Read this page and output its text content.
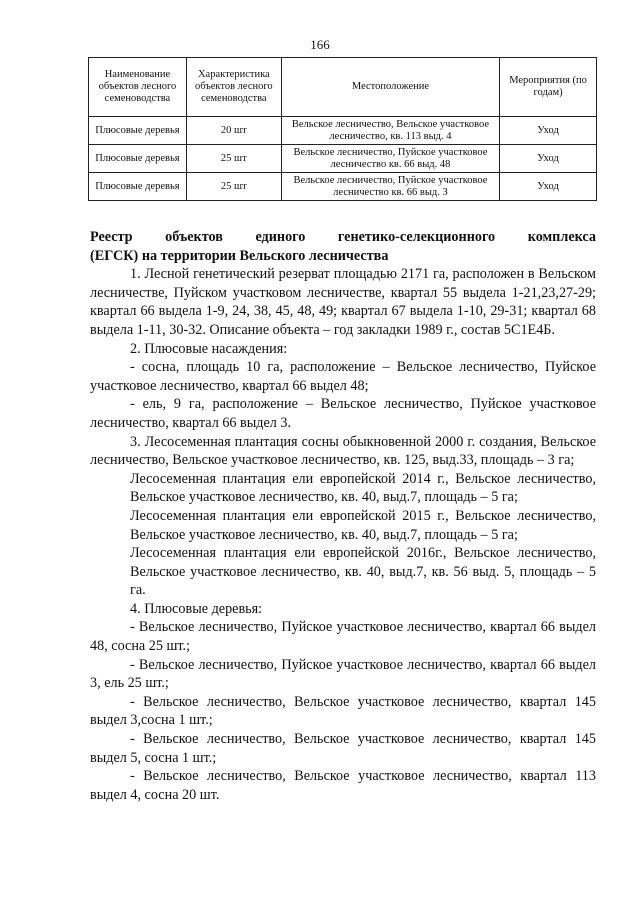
166
Наименование объектов лесного семеноводства	Характеристика объектов лесного семеноводства	Местоположение	Мероприятия (по годам)
Плюсовые деревья	20 шт	Вельское лесничество, Вельское участковое лесничество, кв. 113 выд. 4	Уход
Плюсовые деревья	25 шт	Вельское лесничество, Пуйское участковое лесничество кв. 66 выд. 48	Уход
Плюсовые деревья	25 шт	Вельское лесничество, Пуйское участковое лесничество кв. 66 выд. 3	Уход

Реестр объектов единого генетико-селекционного комплекса

(ЕГСК) на территории Вельского лесничества

1. Лесной генетический резерват площадью 2171 га, расположен в Вельском лесничестве, Пуйском участковом лесничестве, квартал 55 выдела 1-21,23,27-29; квартал 66 выдела 1-9, 24, 38, 45, 48, 49; квартал 67 выдела 1-10, 29-31; квартал 68 выдела 1-11, 30-32. Описание объекта – год закладки 1989 г., состав 5С1Е4Б.

2. Плюсовые насаждения:

- сосна, площадь 10 га, расположение – Вельское лесничество, Пуйское участковое лесничество, квартал 66 выдел 48;

- ель, 9 га, расположение – Вельское лесничество, Пуйское участковое лесничество, квартал 66 выдел 3.

3. Лесосеменная плантация сосны обыкновенной 2000 г. создания, Вельское лесничество, Вельское участковое лесничество, кв. 125, выд.33, площадь – 3 га;

Лесосеменная плантация ели европейской 2014 г., Вельское лесничество, Вельское участковое лесничество, кв. 40, выд.7, площадь – 5 га;

Лесосеменная плантация ели европейской 2015 г., Вельское лесничество, Вельское участковое лесничество, кв. 40, выд.7, площадь – 5 га;

Лесосеменная плантация ели европейской 2016г., Вельское лесничество, Вельское участковое лесничество, кв. 40, выд.7, кв. 56 выд. 5, площадь – 5 га.

4. Плюсовые деревья:

- Вельское лесничество, Пуйское участковое лесничество, квартал 66 выдел 48, сосна 25 шт.;

- Вельское лесничество, Пуйское участковое лесничество, квартал 66 выдел 3, ель 25 шт.;

- Вельское лесничество, Вельское участковое лесничество, квартал 145 выдел 3,сосна 1 шт.;

- Вельское лесничество, Вельское участковое лесничество, квартал 145 выдел 5, сосна 1 шт.;

- Вельское лесничество, Вельское участковое лесничество, квартал 113 выдел 4, сосна 20 шт.
